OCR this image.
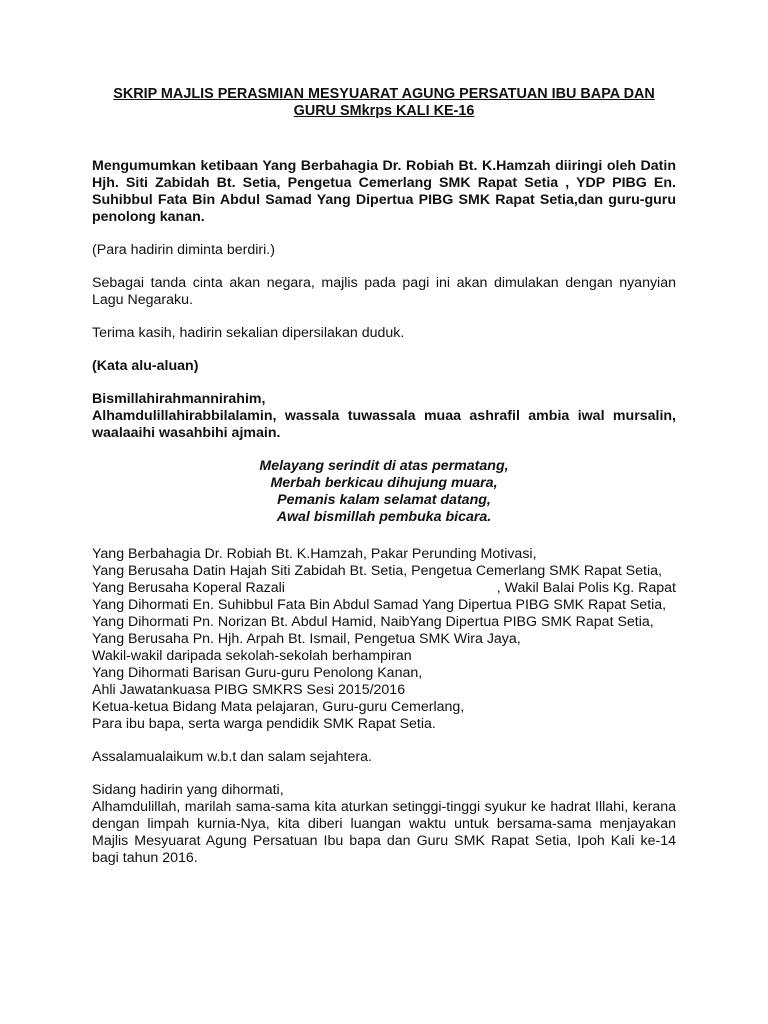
SKRIP MAJLIS PERASMIAN MESYUARAT AGUNG PERSATUAN IBU BAPA DAN
GURU SMkrps KALI KE-16

Mengumumkan ketibaan Yang Berbahagia Dr. Robiah Bt. K.Hamzah diiringi oleh Datin Hjh. Siti Zabidah Bt. Setia, Pengetua Cemerlang SMK Rapat Setia , YDP PIBG En. Suhibbul Fata Bin Abdul Samad Yang Dipertua PIBG SMK Rapat Setia,dan guru-guru penolong kanan.

(Para hadirin diminta berdiri.)

Sebagai tanda cinta akan negara, majlis pada pagi ini akan dimulakan dengan nyanyian Lagu Negaraku.

Terima kasih, hadirin sekalian dipersilakan duduk.

(Kata alu-aluan)

Bismillahirahmannirahim,
Alhamdulillahirabbilalamin, wassala tuwassala muaa ashrafil ambia iwal mursalin, waalaaihi wasahbihi ajmain.

Melayang serindit di atas permatang,
Merbah berkicau dihujung muara,
Pemanis kalam selamat datang,
Awal bismillah pembuka bicara.
Yang Berbahagia Dr. Robiah Bt. K.Hamzah, Pakar Perunding Motivasi,
Yang Berusaha Datin Hajah Siti Zabidah Bt. Setia, Pengetua Cemerlang SMK Rapat Setia,
Yang Berusaha Koperal Razali	, Wakil Balai Polis Kg. Rapat
Yang Dihormati En. Suhibbul Fata Bin Abdul Samad Yang Dipertua PIBG SMK Rapat Setia,
Yang Dihormati Pn. Norizan Bt. Abdul Hamid, NaibYang Dipertua PIBG SMK Rapat Setia,
Yang Berusaha Pn. Hjh. Arpah Bt. Ismail, Pengetua SMK Wira Jaya,
Wakil-wakil daripada sekolah-sekolah berhampiran
Yang Dihormati Barisan Guru-guru Penolong Kanan,
Ahli Jawatankuasa PIBG SMKRS Sesi 2015/2016
Ketua-ketua Bidang Mata pelajaran, Guru-guru Cemerlang,
Para ibu bapa, serta warga pendidik SMK Rapat Setia.

Assalamualaikum w.b.t dan salam sejahtera.

Sidang hadirin yang dihormati,
Alhamdulillah, marilah sama-sama kita aturkan setinggi-tinggi syukur ke hadrat Illahi, kerana dengan limpah kurnia-Nya, kita diberi luangan waktu untuk bersama-sama menjayakan Majlis Mesyuarat Agung Persatuan Ibu bapa dan Guru SMK Rapat Setia, Ipoh Kali ke-14 bagi tahun 2016.
